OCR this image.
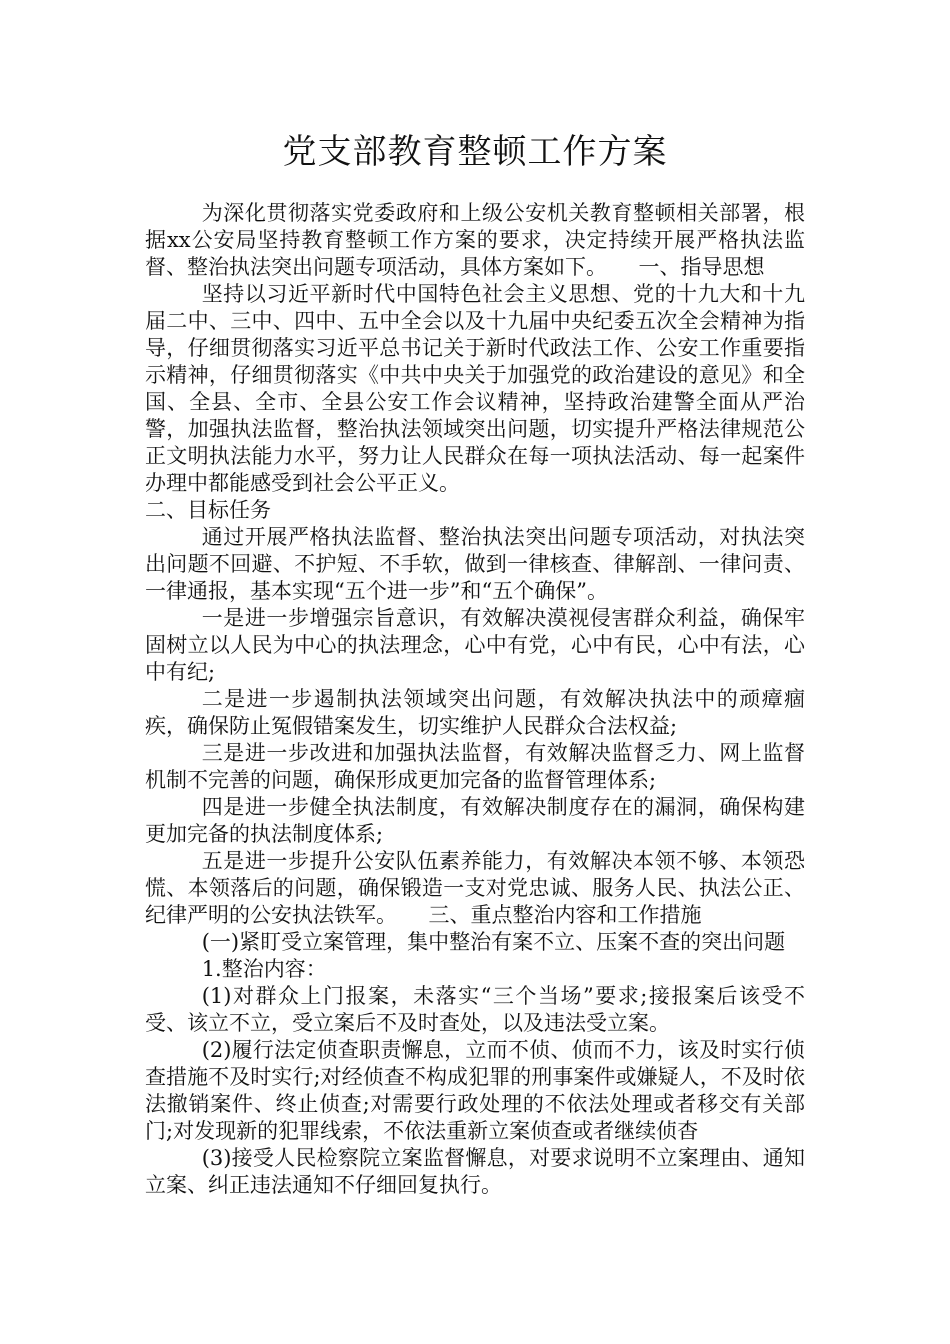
党支部教育整顿工作方案

为深化贯彻落实党委政府和上级公安机关教育整顿相关部署，根据xx公安局坚持教育整顿工作方案的要求，决定持续开展严格执法监督、整治执法突出问题专项活动，具体方案如下。　　一、指导思想

坚持以习近平新时代中国特色社会主义思想、党的十九大和十九届二中、三中、四中、五中全会以及十九届中央纪委五次全会精神为指导，仔细贯彻落实习近平总书记关于新时代政法工作、公安工作重要指示精神，仔细贯彻落实《中共中央关于加强党的政治建设的意见》和全国、全县、全市、全县公安工作会议精神，坚持政治建警全面从严治警，加强执法监督，整治执法领域突出问题，切实提升严格法律规范公正文明执法能力水平，努力让人民群众在每一项执法活动、每一起案件办理中都能感受到社会公平正义。

二、目标任务

通过开展严格执法监督、整治执法突出问题专项活动，对执法突出问题不回避、不护短、不手软，做到一律核查、律解剖、一律问责、一律通报，基本实现“五个进一步”和“五个确保”。

一是进一步增强宗旨意识，有效解决漠视侵害群众利益，确保牢固树立以人民为中心的执法理念，心中有党，心中有民，心中有法，心中有纪;

二是进一步遏制执法领域突出问题，有效解决执法中的顽瘴痼疾，确保防止冤假错案发生，切实维护人民群众合法权益;

三是进一步改进和加强执法监督，有效解决监督乏力、网上监督机制不完善的问题，确保形成更加完备的监督管理体系;

四是进一步健全执法制度，有效解决制度存在的漏洞，确保构建更加完备的执法制度体系;

五是进一步提升公安队伍素养能力，有效解决本领不够、本领恐慌、本领落后的问题，确保锻造一支对党忠诚、服务人民、执法公正、纪律严明的公安执法铁军。　　三、重点整治内容和工作措施

(一)紧盯受立案管理，集中整治有案不立、压案不查的突出问题

1.整治内容：

(1)对群众上门报案，未落实“三个当场”要求;接报案后该受不受、该立不立，受立案后不及时查处，以及违法受立案。

(2)履行法定侦查职责懈息，立而不侦、侦而不力，该及时实行侦查措施不及时实行;对经侦查不构成犯罪的刑事案件或嫌疑人，不及时依法撤销案件、终止侦查;对需要行政处理的不依法处理或者移交有关部门;对发现新的犯罪线索，不依法重新立案侦查或者继续侦杳

(3)接受人民检察院立案监督懈息，对要求说明不立案理由、通知立案、纠正违法通知不仔细回复执行。
